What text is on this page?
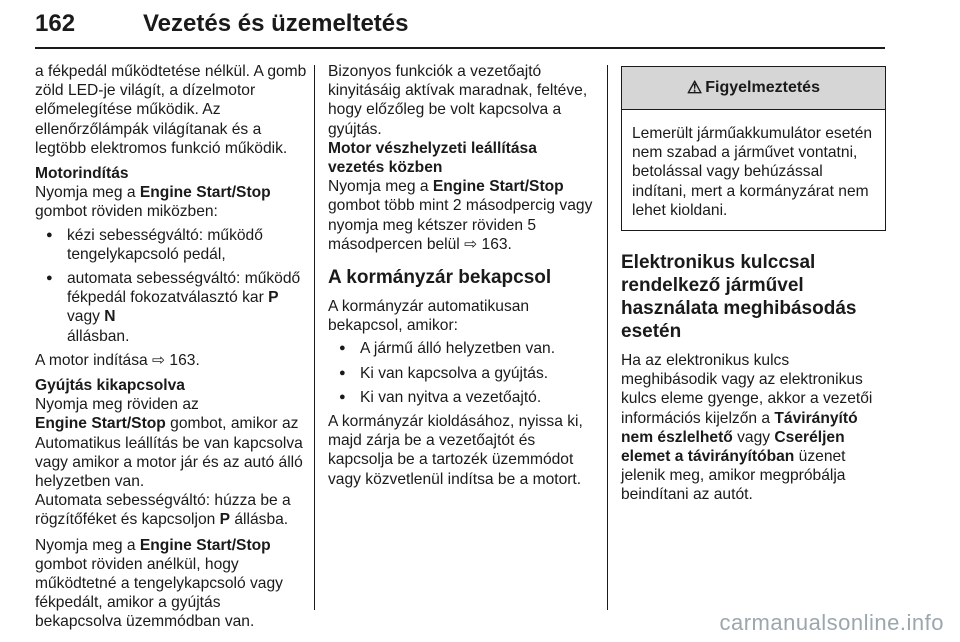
162	Vezetés és üzemeltetés

a fékpedál működtetése nélkül. A gomb zöld LED-je világít, a dízelmotor előmelegítése működik. Az ellenőrzőlámpák világítanak és a legtöbb elektromos funkció működik.

Motorindítás
Nyomja meg a Engine Start/Stop
gombot röviden miközben:

● kézi sebességváltó: működő tengelykapcsoló pedál,
● automata sebességváltó: működő fékpedál fokozatválasztó kar P vagy N
állásban.

A motor indítása ⇨ 163.

Gyújtás kikapcsolva
Nyomja meg röviden az
Engine Start/Stop gombot, amikor az Automatikus leállítás be van kapcsolva vagy amikor a motor jár és az autó álló helyzetben van.

Automata sebességváltó: húzza be a rögzítőféket és kapcsoljon P állásba.

Nyomja meg a Engine Start/Stop
gombot röviden anélkül, hogy működtetné a tengelykapcsoló vagy fékpedált, amikor a gyújtás bekapcsolva üzemmódban van.

Bizonyos funkciók a vezetőajtó kinyitásáig aktívak maradnak, feltéve, hogy előzőleg be volt kapcsolva a gyújtás.

Motor vészhelyzeti leállítása vezetés közben
Nyomja meg a Engine Start/Stop
gombot több mint 2 másodpercig vagy nyomja meg kétszer röviden 5 másodpercen belül ⇨ 163.

A kormányzár bekapcsol

A kormányzár automatikusan bekapcsol, amikor:

● A jármű álló helyzetben van.
● Ki van kapcsolva a gyújtás.
● Ki van nyitva a vezetőajtó.

A kormányzár kioldásához, nyissa ki, majd zárja be a vezetőajtót és kapcsolja be a tartozék üzemmódot vagy közvetlenül indítsa be a motort.

⚠ Figyelmeztetés
Lemerült járműakkumulátor esetén nem szabad a járművet vontatni, betolással vagy behúzással indítani, mert a kormányzárat nem lehet kioldani.
Elektronikus kulccsal rendelkező járművel használata meghibásodás esetén

Ha az elektronikus kulcs meghibásodik vagy az elektronikus kulcs eleme gyenge, akkor a vezetői információs kijelzőn a Távirányító nem észlelhető vagy Cseréljen elemet a távirányítóban üzenet jelenik meg, amikor megpróbálja beindítani az autót.

carmanualsonline.info
